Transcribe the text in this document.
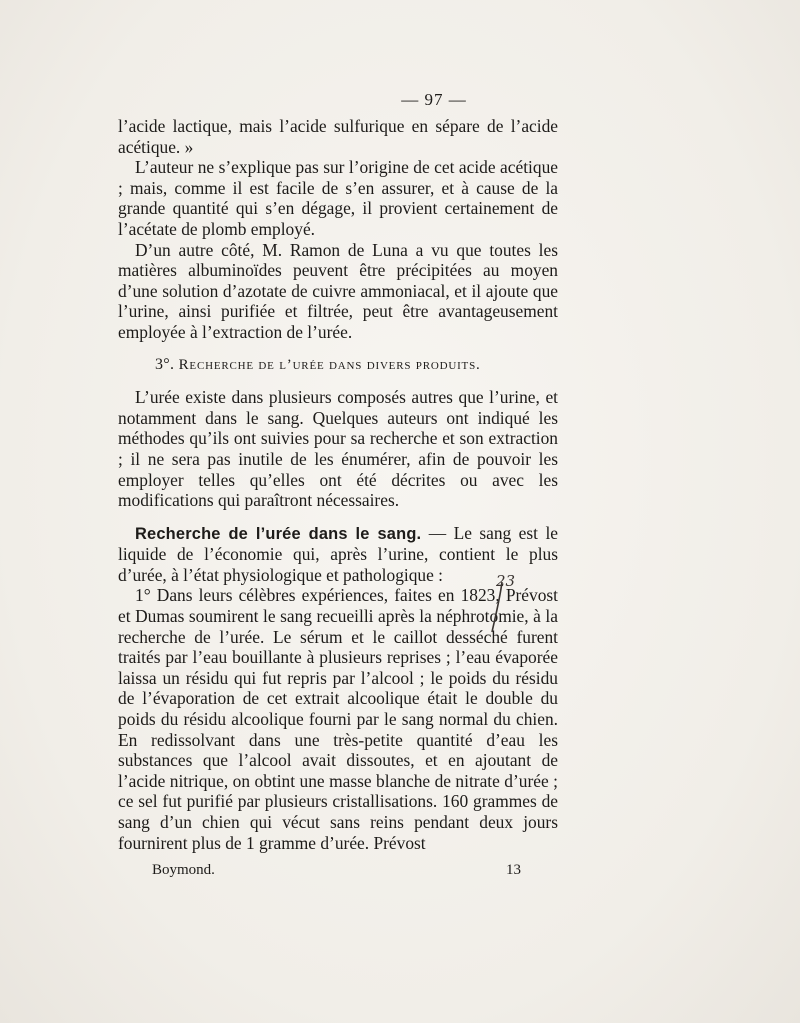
— 97 —

l’acide lactique, mais l’acide sulfurique en sépare de l’acide acétique. »

L’auteur ne s’explique pas sur l’origine de cet acide acétique ; mais, comme il est facile de s’en assurer, et à cause de la grande quantité qui s’en dégage, il provient certainement de l’acétate de plomb employé.

D’un autre côté, M. Ramon de Luna a vu que toutes les matières albuminoïdes peuvent être précipitées au moyen d’une solution d’azotate de cuivre ammoniacal, et il ajoute que l’urine, ainsi purifiée et filtrée, peut être avantageusement employée à l’extraction de l’urée.

3°. Recherche de l’urée dans divers produits.

L’urée existe dans plusieurs composés autres que l’urine, et notamment dans le sang. Quelques auteurs ont indiqué les méthodes qu’ils ont suivies pour sa recherche et son extraction ; il ne sera pas inutile de les énumérer, afin de pouvoir les employer telles qu’elles ont été décrites ou avec les modifications qui paraîtront nécessaires.

Recherche de l’urée dans le sang. — Le sang est le liquide de l’économie qui, après l’urine, contient le plus d’urée, à l’état physiologique et pathologique :

1° Dans leurs célèbres expériences, faites en 1823, Prévost et Dumas soumirent le sang recueilli après la néphrotomie, à la recherche de l’urée. Le sérum et le caillot desséché furent traités par l’eau bouillante à plusieurs reprises ; l’eau évaporée laissa un résidu qui fut repris par l’alcool ; le poids du résidu de l’évaporation de cet extrait alcoolique était le double du poids du résidu alcoolique fourni par le sang normal du chien. En redissolvant dans une très-petite quantité d’eau les substances que l’alcool avait dissoutes, et en ajoutant de l’acide nitrique, on obtint une masse blanche de nitrate d’urée ; ce sel fut purifié par plusieurs cristallisations. 160 grammes de sang d’un chien qui vécut sans reins pendant deux jours fournirent plus de 1 gramme d’urée. Prévost

23
Boymond.	13
